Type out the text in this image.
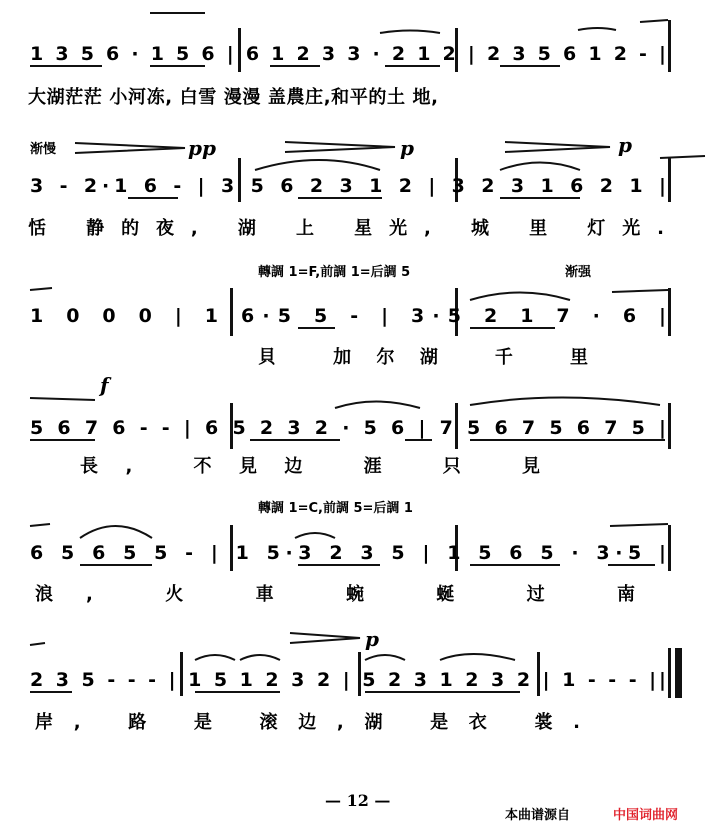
1 3 5 6 · 1 5 6 | 6 1 2 3 3 · 2 1 2 | 2 3 5 6 1 2 - |
大湖茫茫 小河冻, 白雪 漫漫 盖農庄,和平的土 地,
渐慢	pp	p	p
3 - 2·1 6 - | 3 5 6 2 3 1 2 | 3 2 3 1 6 2 1 |
恬 静的夜, 湖 上 星光, 城 里 灯光.
轉調 1=F,前調 1=后調 5	渐强
1 0 0 0 | 1 6·5 5 - | 3·5 2 1 7 · 6 |
貝 加尔湖 千 里
f
5 6 7 6 - - | 6 5 2 3 2 · 5 6 | 7 5 6 7 5 6 7 5 |
長, 不見边 涯 只 見
轉調 1=C,前調 5=后調 1
6 5 6 5 5 - | 1 5·3 2 3 5 | 1 5 6 5 · 3·5 |
浪, 火 車 蜿 蜒 过 南
p
2 3 5 - - - | 1 5 1 2 3 2 | 5 2 3 1 2 3 2 | 1 - - - ||
岸, 路 是 滚边,湖 是衣 裳.
— 12 —
本曲谱源自	中国词曲网
